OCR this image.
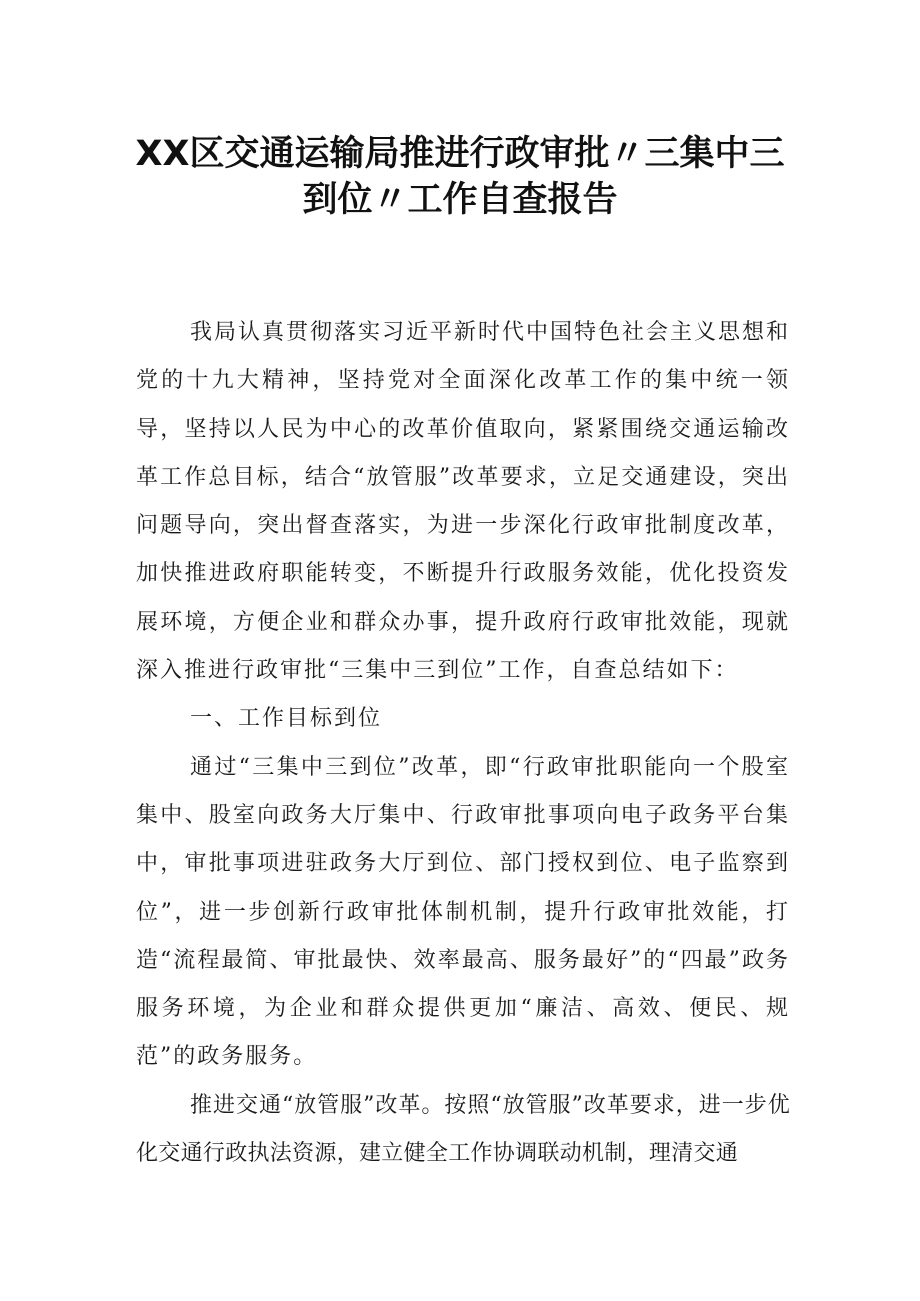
XX区交通运输局推进行政审批〃三集中三
到位〃工作自查报告

我局认真贯彻落实习近平新时代中国特色社会主义思想和党的十九大精神，坚持党对全面深化改革工作的集中统一领导，坚持以人民为中心的改革价值取向，紧紧围绕交通运输改革工作总目标，结合“放管服”改革要求，立足交通建设，突出问题导向，突出督查落实，为进一步深化行政审批制度改革，加快推进政府职能转变，不断提升行政服务效能，优化投资发展环境，方便企业和群众办事，提升政府行政审批效能，现就深入推进行政审批“三集中三到位”工作，自查总结如下：

一、工作目标到位

通过“三集中三到位”改革，即“行政审批职能向一个股室集中、股室向政务大厅集中、行政审批事项向电子政务平台集中，审批事项进驻政务大厅到位、部门授权到位、电子监察到位”，进一步创新行政审批体制机制，提升行政审批效能，打造“流程最简、审批最快、效率最高、服务最好”的“四最”政务服务环境，为企业和群众提供更加“廉洁、高效、便民、规范”的政务服务。

推进交通“放管服”改革。按照“放管服”改革要求，进一步优化交通行政执法资源，建立健全工作协调联动机制，理清交通
